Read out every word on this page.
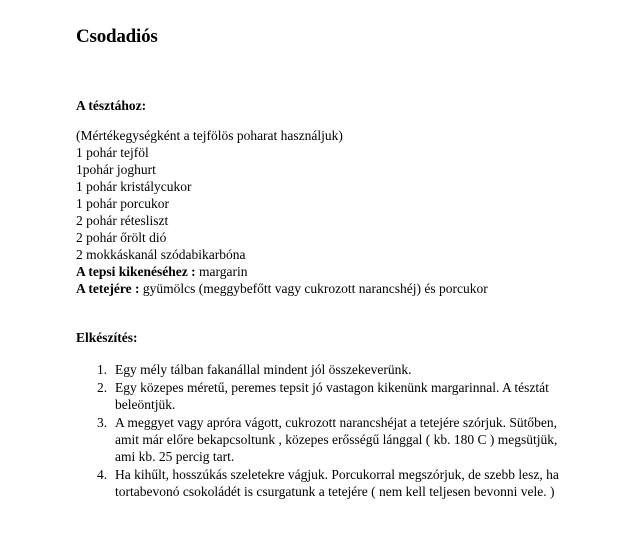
Csodadiós
A tésztához:
(Mértékegységként a tejfölös poharat használjuk)
1 pohár tejföl
1pohár joghurt
1 pohár kristálycukor
1 pohár porcukor
2 pohár rétesliszt
2 pohár őrölt dió
2 mokkáskanál szódabikarbóna
A tepsi kikenéséhez : margarin
A tetejére : gyümölcs (meggybefőtt vagy cukrozott narancshéj) és porcukor
Elkészítés:
1. Egy mély tálban fakanállal mindent jól összekeverünk.
2. Egy közepes méretű, peremes tepsit jó vastagon kikenünk margarinnal. A tésztát beleöntjük.
3. A meggyet vagy apróra vágott, cukrozott narancshéjat a tetejére szórjuk. Sütőben, amit már előre bekapcsoltunk , közepes erősségű lánggal ( kb. 180 C ) megsütjük, ami kb. 25 percig tart.
4. Ha kihűlt, hosszúkás szeletekre vágjuk. Porcukorral megszórjuk, de szebb lesz, ha tortabevonó csokoládét is csurgatunk a tetejére ( nem kell teljesen bevonni vele. )
